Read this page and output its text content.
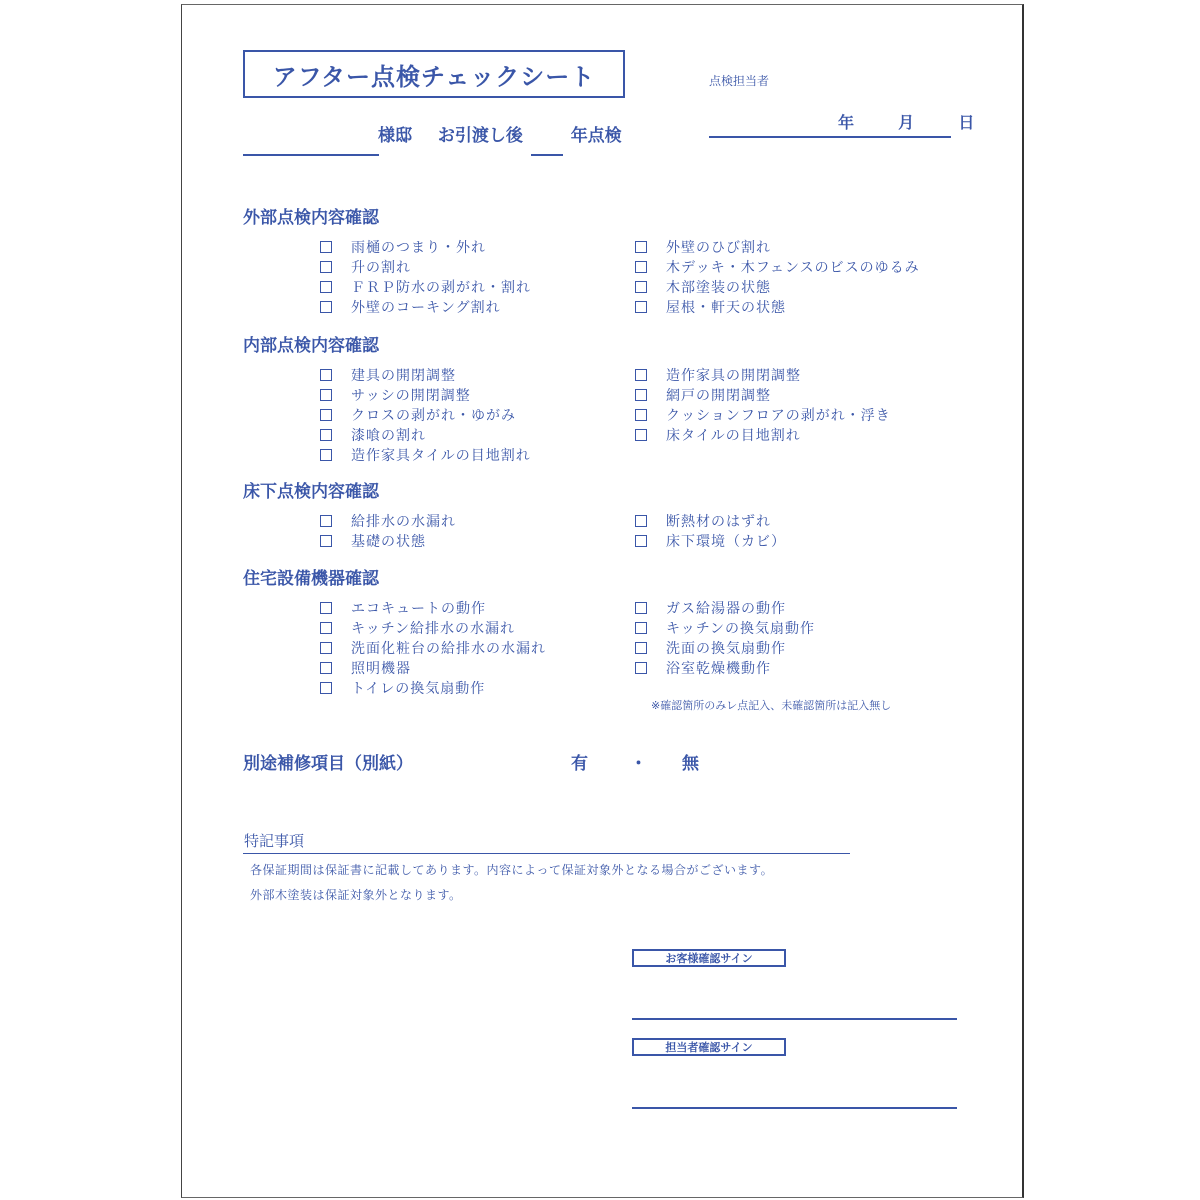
アフター点検チェックシート	点検担当者
年	月	日
様邸 お引渡し後	年点検
外部点検内容確認
雨樋のつまり・外れ
升の割れ
ＦＲＰ防水の剥がれ・割れ
外壁のコーキング割れ
外壁のひび割れ
木デッキ・木フェンスのビスのゆるみ
木部塗装の状態
屋根・軒天の状態
内部点検内容確認
建具の開閉調整
サッシの開閉調整
クロスの剥がれ・ゆがみ
漆喰の割れ
造作家具タイルの目地割れ
造作家具の開閉調整
網戸の開閉調整
クッションフロアの剥がれ・浮き
床タイルの目地割れ
床下点検内容確認
給排水の水漏れ
基礎の状態
断熱材のはずれ
床下環境（カビ）
住宅設備機器確認
エコキュートの動作
キッチン給排水の水漏れ
洗面化粧台の給排水の水漏れ
照明機器
トイレの換気扇動作
ガス給湯器の動作
キッチンの換気扇動作
洗面の換気扇動作
浴室乾燥機動作
※確認箇所のみレ点記入、未確認箇所は記入無し
別途補修項目（別紙）	有 ・ 無
特記事項
各保証期間は保証書に記載してあります。内容によって保証対象外となる場合がございます。
外部木塗装は保証対象外となります。
お客様確認サイン
担当者確認サイン
